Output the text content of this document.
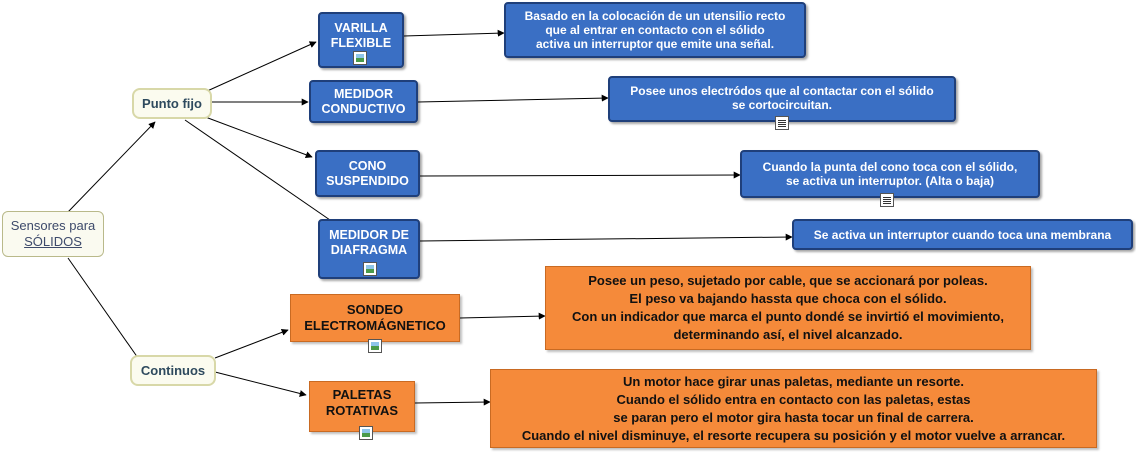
Sensores para
SÓLIDOS
Punto fijo
Continuos
VARILLA
FLEXIBLE
MEDIDOR
CONDUCTIVO
CONO
SUSPENDIDO
MEDIDOR DE
DIAFRAGMA
SONDEO
ELECTROMÁGNETICO
PALETAS
ROTATIVAS
Basado en la colocación de un utensilio recto
que al entrar en contacto con el sólido
activa un interruptor que emite una señal.
Posee unos electródos que al contactar con el sólido
se cortocircuitan.
Cuando la punta del cono toca con el sólido,
se activa un interruptor. (Alta o baja)
Se activa un interruptor cuando toca una membrana
Posee un peso, sujetado por cable, que se accionará por poleas.
El peso va bajando hassta que choca con el sólido.
Con un indicador que marca el punto dondé se invirtió el movimiento,
determinando así, el nivel alcanzado.
Un motor hace girar unas paletas, mediante un resorte.
Cuando el sólido entra en contacto con las paletas, estas
se paran pero el motor gira hasta tocar un final de carrera.
Cuando el nivel disminuye, el resorte recupera su posición y el motor vuelve a arrancar.
